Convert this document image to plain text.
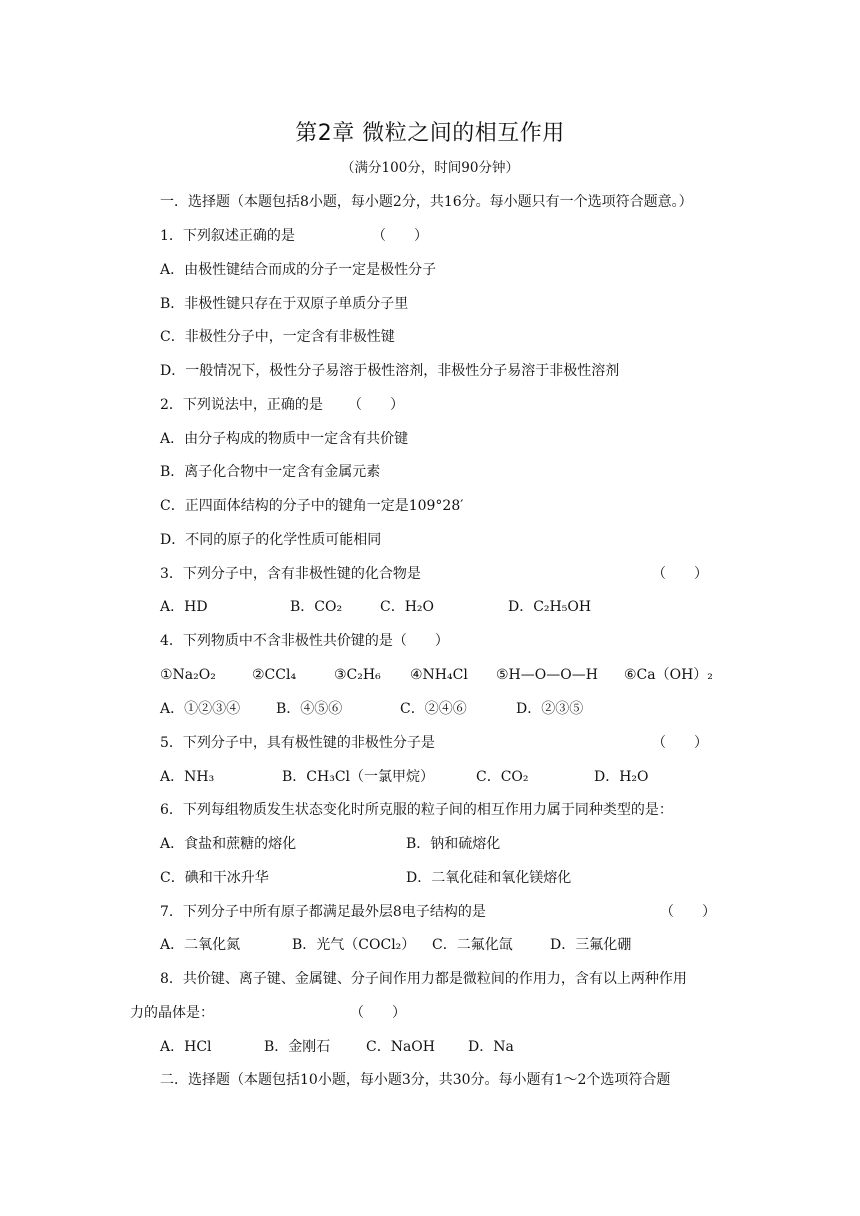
第2章 微粒之间的相互作用
（满分100分，时间90分钟）
一．选择题（本题包括8小题，每小题2分，共16分。每小题只有一个选项符合题意。）
1．下列叙述正确的是	（　　）
A．由极性键结合而成的分子一定是极性分子
B．非极性键只存在于双原子单质分子里
C．非极性分子中，一定含有非极性键
D．一般情况下，极性分子易溶于极性溶剂，非极性分子易溶于非极性溶剂
2．下列说法中，正确的是 （　　）
A．由分子构成的物质中一定含有共价键
B．离子化合物中一定含有金属元素
C．正四面体结构的分子中的键角一定是109°28′
D．不同的原子的化学性质可能相同
3．下列分子中，含有非极性键的化合物是	（　　）
A．HD	B．CO₂	C．H₂O	D．C₂H₅OH
4．下列物质中不含非极性共价键的是（　　）
①Na₂O₂	②CCl₄	③C₂H₆ ④NH₄Cl ⑤H—O—O—H ⑥Ca（OH）₂
A．①②③④	B．④⑤⑥	C．②④⑥	D．②③⑤
5．下列分子中，具有极性键的非极性分子是	（　　）
A．NH₃	B．CH₃Cl（一氯甲烷）	C．CO₂	D．H₂O
6．下列每组物质发生状态变化时所克服的粒子间的相互作用力属于同种类型的是：
A．食盐和蔗糖的熔化	B．钠和硫熔化
C．碘和干冰升华	D．二氧化硅和氧化镁熔化
7．下列分子中所有原子都满足最外层8电子结构的是	（　　）
A．二氧化氮	B．光气（COCl₂） C．二氟化氙	D．三氟化硼
8．共价键、离子键、金属键、分子间作用力都是微粒间的作用力，含有以上两种作用
力的晶体是：	（　　）
A．HCl	B．金刚石	C．NaOH D．Na
二．选择题（本题包括10小题，每小题3分，共30分。每小题有1～2个选项符合题
